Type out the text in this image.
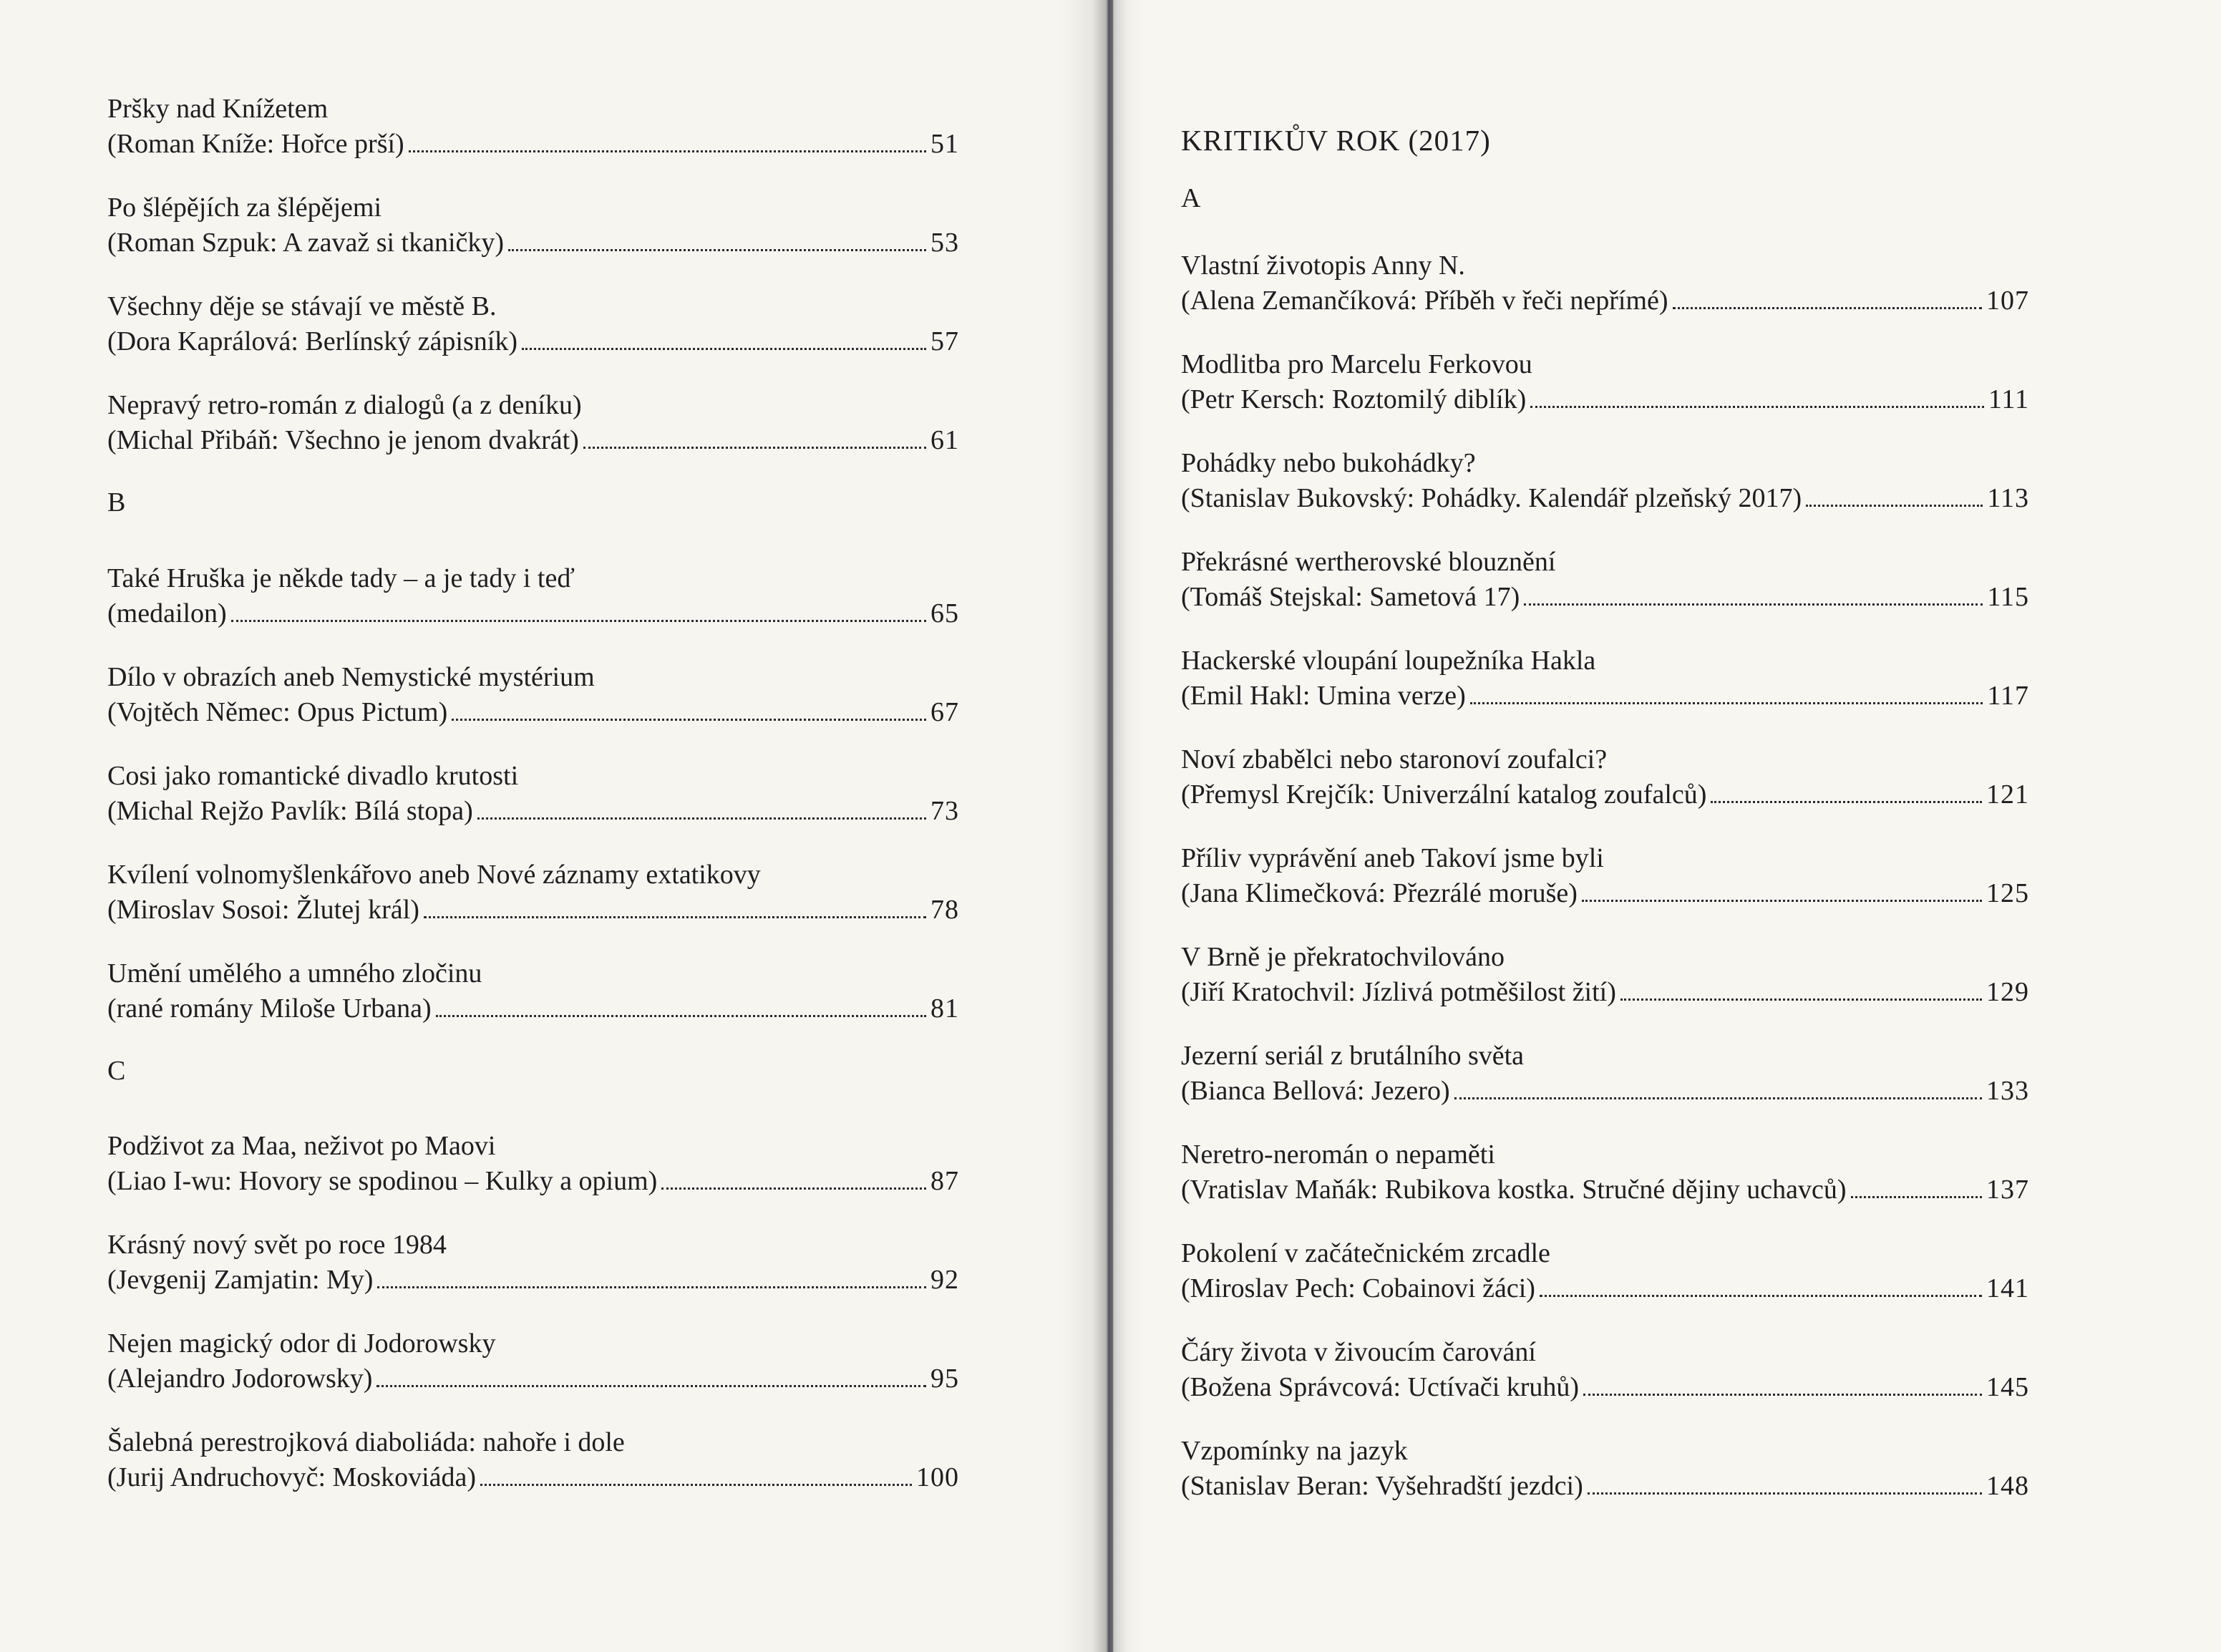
Pršky nad Knížetem
(Roman Kníže: Hořce prší)	51
Po šlépějích za šlépějemi
(Roman Szpuk: A zavaž si tkaničky)	53
Všechny děje se stávají ve městě B.
(Dora Kaprálová: Berlínský zápisník)	57
Nepravý retro-román z dialogů (a z deníku)
(Michal Přibáň: Všechno je jenom dvakrát)	61
B
Také Hruška je někde tady – a je tady i teď
(medailon)	65
Dílo v obrazích aneb Nemystické mystérium
(Vojtěch Němec: Opus Pictum)	67
Cosi jako romantické divadlo krutosti
(Michal Rejžo Pavlík: Bílá stopa)	73
Kvílení volnomyšlenkářovo aneb Nové záznamy extatikovy
(Miroslav Sosoi: Žlutej král)	78
Umění umělého a umného zločinu
(rané romány Miloše Urbana)	81
C
Podživot za Maa, neživot po Maovi
(Liao I-wu: Hovory se spodinou – Kulky a opium)	87
Krásný nový svět po roce 1984
(Jevgenij Zamjatin: My)	92
Nejen magický odor di Jodorowsky
(Alejandro Jodorowsky)	95
Šalebná perestrojková diaboliáda: nahoře i dole
(Jurij Andruchovyč: Moskoviáda)	100
KRITIKŮV ROK (2017)
A
Vlastní životopis Anny N.
(Alena Zemančíková: Příběh v řeči nepřímé)	107
Modlitba pro Marcelu Ferkovou
(Petr Kersch: Roztomilý diblík)	111
Pohádky nebo bukohádky?
(Stanislav Bukovský: Pohádky. Kalendář plzeňský 2017)	113
Překrásné wertherovské blouznění
(Tomáš Stejskal: Sametová 17)	115
Hackerské vloupání loupežníka Hakla
(Emil Hakl: Umina verze)	117
Noví zbabělci nebo staronoví zoufalci?
(Přemysl Krejčík: Univerzální katalog zoufalců)	121
Příliv vyprávění aneb Takoví jsme byli
(Jana Klimečková: Přezrálé moruše)	125
V Brně je překratochvilováno
(Jiří Kratochvil: Jízlivá potměšilost žití)	129
Jezerní seriál z brutálního světa
(Bianca Bellová: Jezero)	133
Neretro-neromán o nepaměti
(Vratislav Maňák: Rubikova kostka. Stručné dějiny uchavců)	137
Pokolení v začátečnickém zrcadle
(Miroslav Pech: Cobainovi žáci)	141
Čáry života v živoucím čarování
(Božena Správcová: Uctívači kruhů)	145
Vzpomínky na jazyk
(Stanislav Beran: Vyšehradští jezdci)	148
